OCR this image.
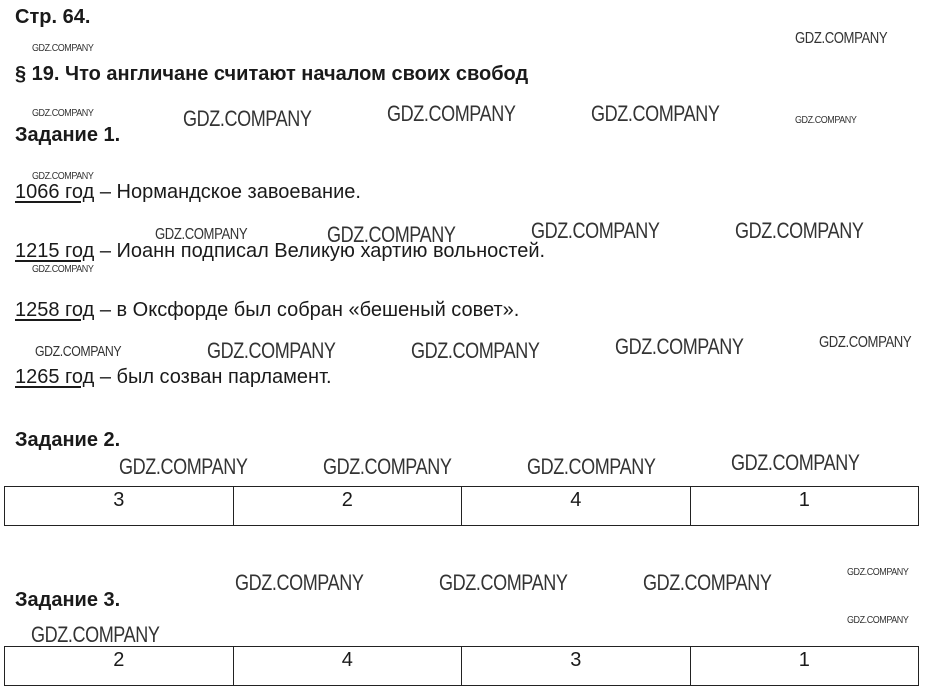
Стр. 64.
§ 19. Что англичане считают началом своих свобод
Задание 1.
1066 год – Нормандское завоевание.
1215 год – Иоанн подписал Великую хартию вольностей.
1258 год – в Оксфорде был собран «бешеный совет».
1265 год – был созван парламент.
Задание 2.
3	2	4	1
Задание 3.
2	4	3	1
GDZ.COMPANY
GDZ.COMPANY
GDZ.COMPANY	GDZ.COMPANY	GDZ.COMPANY	GDZ.COMPANY	GDZ.COMPANY
GDZ.COMPANY
GDZ.COMPANY	GDZ.COMPANY	GDZ.COMPANY	GDZ.COMPANY
GDZ.COMPANY
GDZ.COMPANY	GDZ.COMPANY	GDZ.COMPANY	GDZ.COMPANY	GDZ.COMPANY
GDZ.COMPANY	GDZ.COMPANY	GDZ.COMPANY	GDZ.COMPANY
GDZ.COMPANY	GDZ.COMPANY	GDZ.COMPANY	GDZ.COMPANY
GDZ.COMPANY
GDZ.COMPANY
